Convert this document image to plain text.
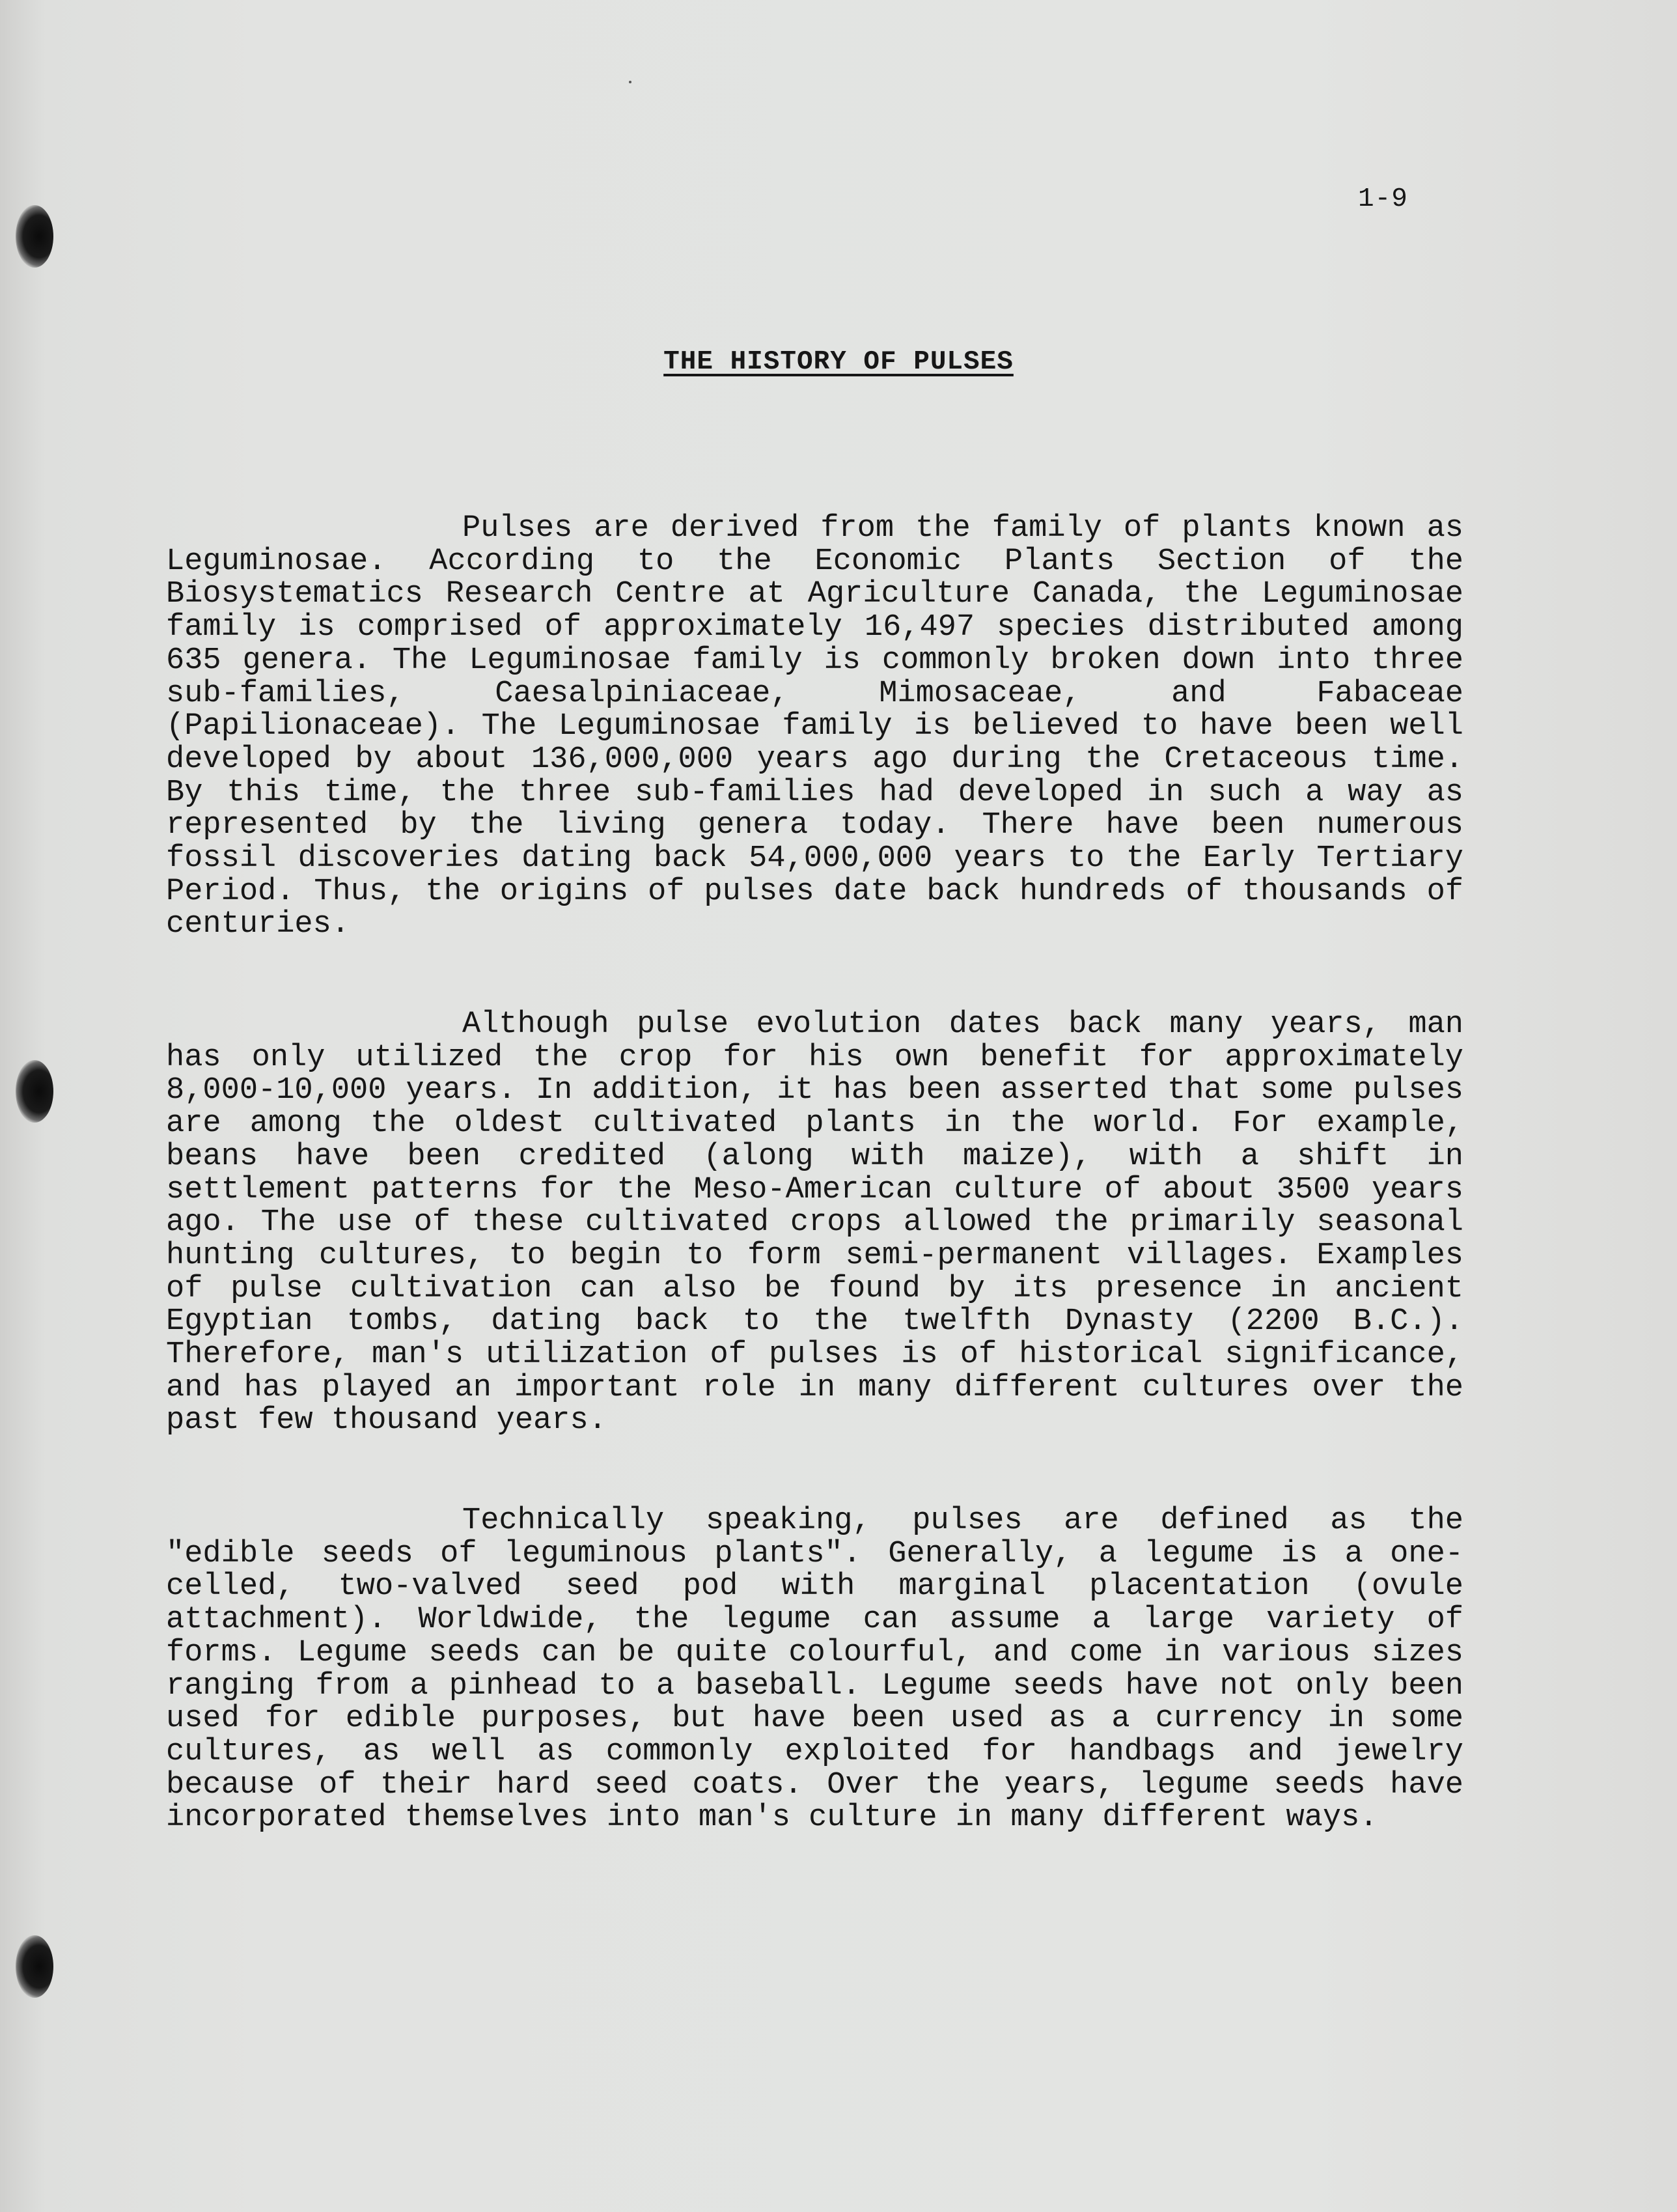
1-9
THE HISTORY OF PULSES

Pulses are derived from the family of plants known as Leguminosae. According to the Economic Plants Section of the Biosystematics Research Centre at Agriculture Canada, the Leguminosae family is comprised of approximately 16,497 species distributed among 635 genera. The Leguminosae family is commonly broken down into three sub-families, Caesalpiniaceae, Mimosaceae, and Fabaceae (Papilionaceae). The Leguminosae family is believed to have been well developed by about 136,000,000 years ago during the Cretaceous time. By this time, the three sub-families had developed in such a way as represented by the living genera today. There have been numerous fossil discoveries dating back 54,000,000 years to the Early Tertiary Period. Thus, the origins of pulses date back hundreds of thousands of centuries.

Although pulse evolution dates back many years, man has only utilized the crop for his own benefit for approximately 8,000-10,000 years. In addition, it has been asserted that some pulses are among the oldest cultivated plants in the world. For example, beans have been credited (along with maize), with a shift in settlement patterns for the Meso-American culture of about 3500 years ago. The use of these cultivated crops allowed the primarily seasonal hunting cultures, to begin to form semi-permanent villages. Examples of pulse cultivation can also be found by its presence in ancient Egyptian tombs, dating back to the twelfth Dynasty (2200 B.C.). Therefore, man's utilization of pulses is of historical significance, and has played an important role in many different cultures over the past few thousand years.

Technically speaking, pulses are defined as the "edible seeds of leguminous plants". Generally, a legume is a one-celled, two-valved seed pod with marginal placentation (ovule attachment). Worldwide, the legume can assume a large variety of forms. Legume seeds can be quite colourful, and come in various sizes ranging from a pinhead to a baseball. Legume seeds have not only been used for edible purposes, but have been used as a currency in some cultures, as well as commonly exploited for handbags and jewelry because of their hard seed coats. Over the years, legume seeds have incorporated themselves into man's culture in many different ways.
